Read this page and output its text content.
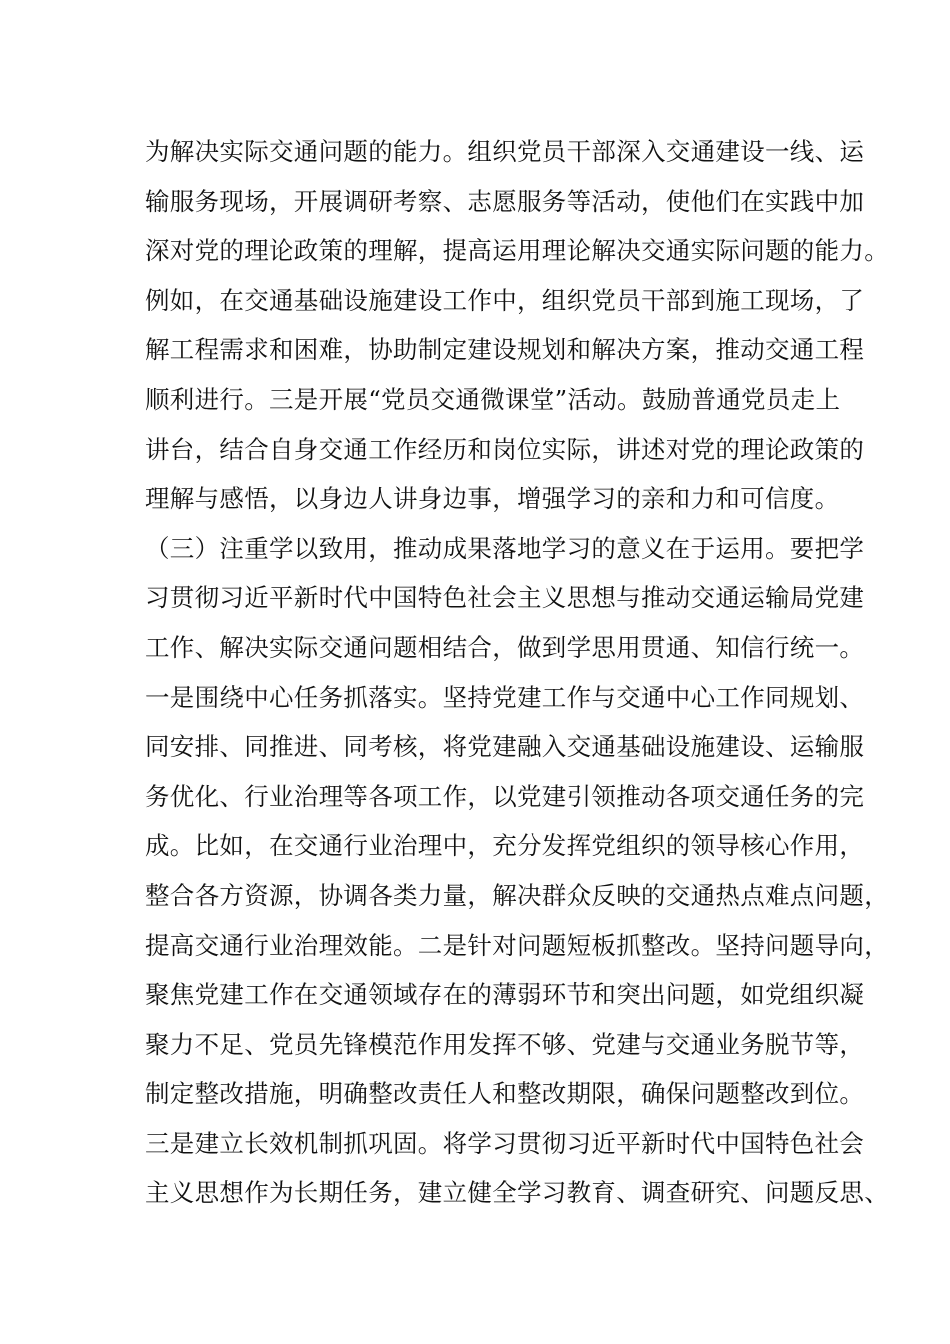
为解决实际交通问题的能力。组织党员干部深入交通建设一线、运
输服务现场，开展调研考察、志愿服务等活动，使他们在实践中加
深对党的理论政策的理解，提高运用理论解决交通实际问题的能力。
例如，在交通基础设施建设工作中，组织党员干部到施工现场，了
解工程需求和困难，协助制定建设规划和解决方案，推动交通工程
顺利进行。三是开展“党员交通微课堂”活动。鼓励普通党员走上
讲台，结合自身交通工作经历和岗位实际，讲述对党的理论政策的
理解与感悟，以身边人讲身边事，增强学习的亲和力和可信度。
（三）注重学以致用，推动成果落地学习的意义在于运用。要把学
习贯彻习近平新时代中国特色社会主义思想与推动交通运输局党建
工作、解决实际交通问题相结合，做到学思用贯通、知信行统一。
一是围绕中心任务抓落实。坚持党建工作与交通中心工作同规划、
同安排、同推进、同考核，将党建融入交通基础设施建设、运输服
务优化、行业治理等各项工作，以党建引领推动各项交通任务的完
成。比如，在交通行业治理中，充分发挥党组织的领导核心作用，
整合各方资源，协调各类力量，解决群众反映的交通热点难点问题，
提高交通行业治理效能。二是针对问题短板抓整改。坚持问题导向，
聚焦党建工作在交通领域存在的薄弱环节和突出问题，如党组织凝
聚力不足、党员先锋模范作用发挥不够、党建与交通业务脱节等，
制定整改措施，明确整改责任人和整改期限，确保问题整改到位。
三是建立长效机制抓巩固。将学习贯彻习近平新时代中国特色社会
主义思想作为长期任务，建立健全学习教育、调查研究、问题反思、
